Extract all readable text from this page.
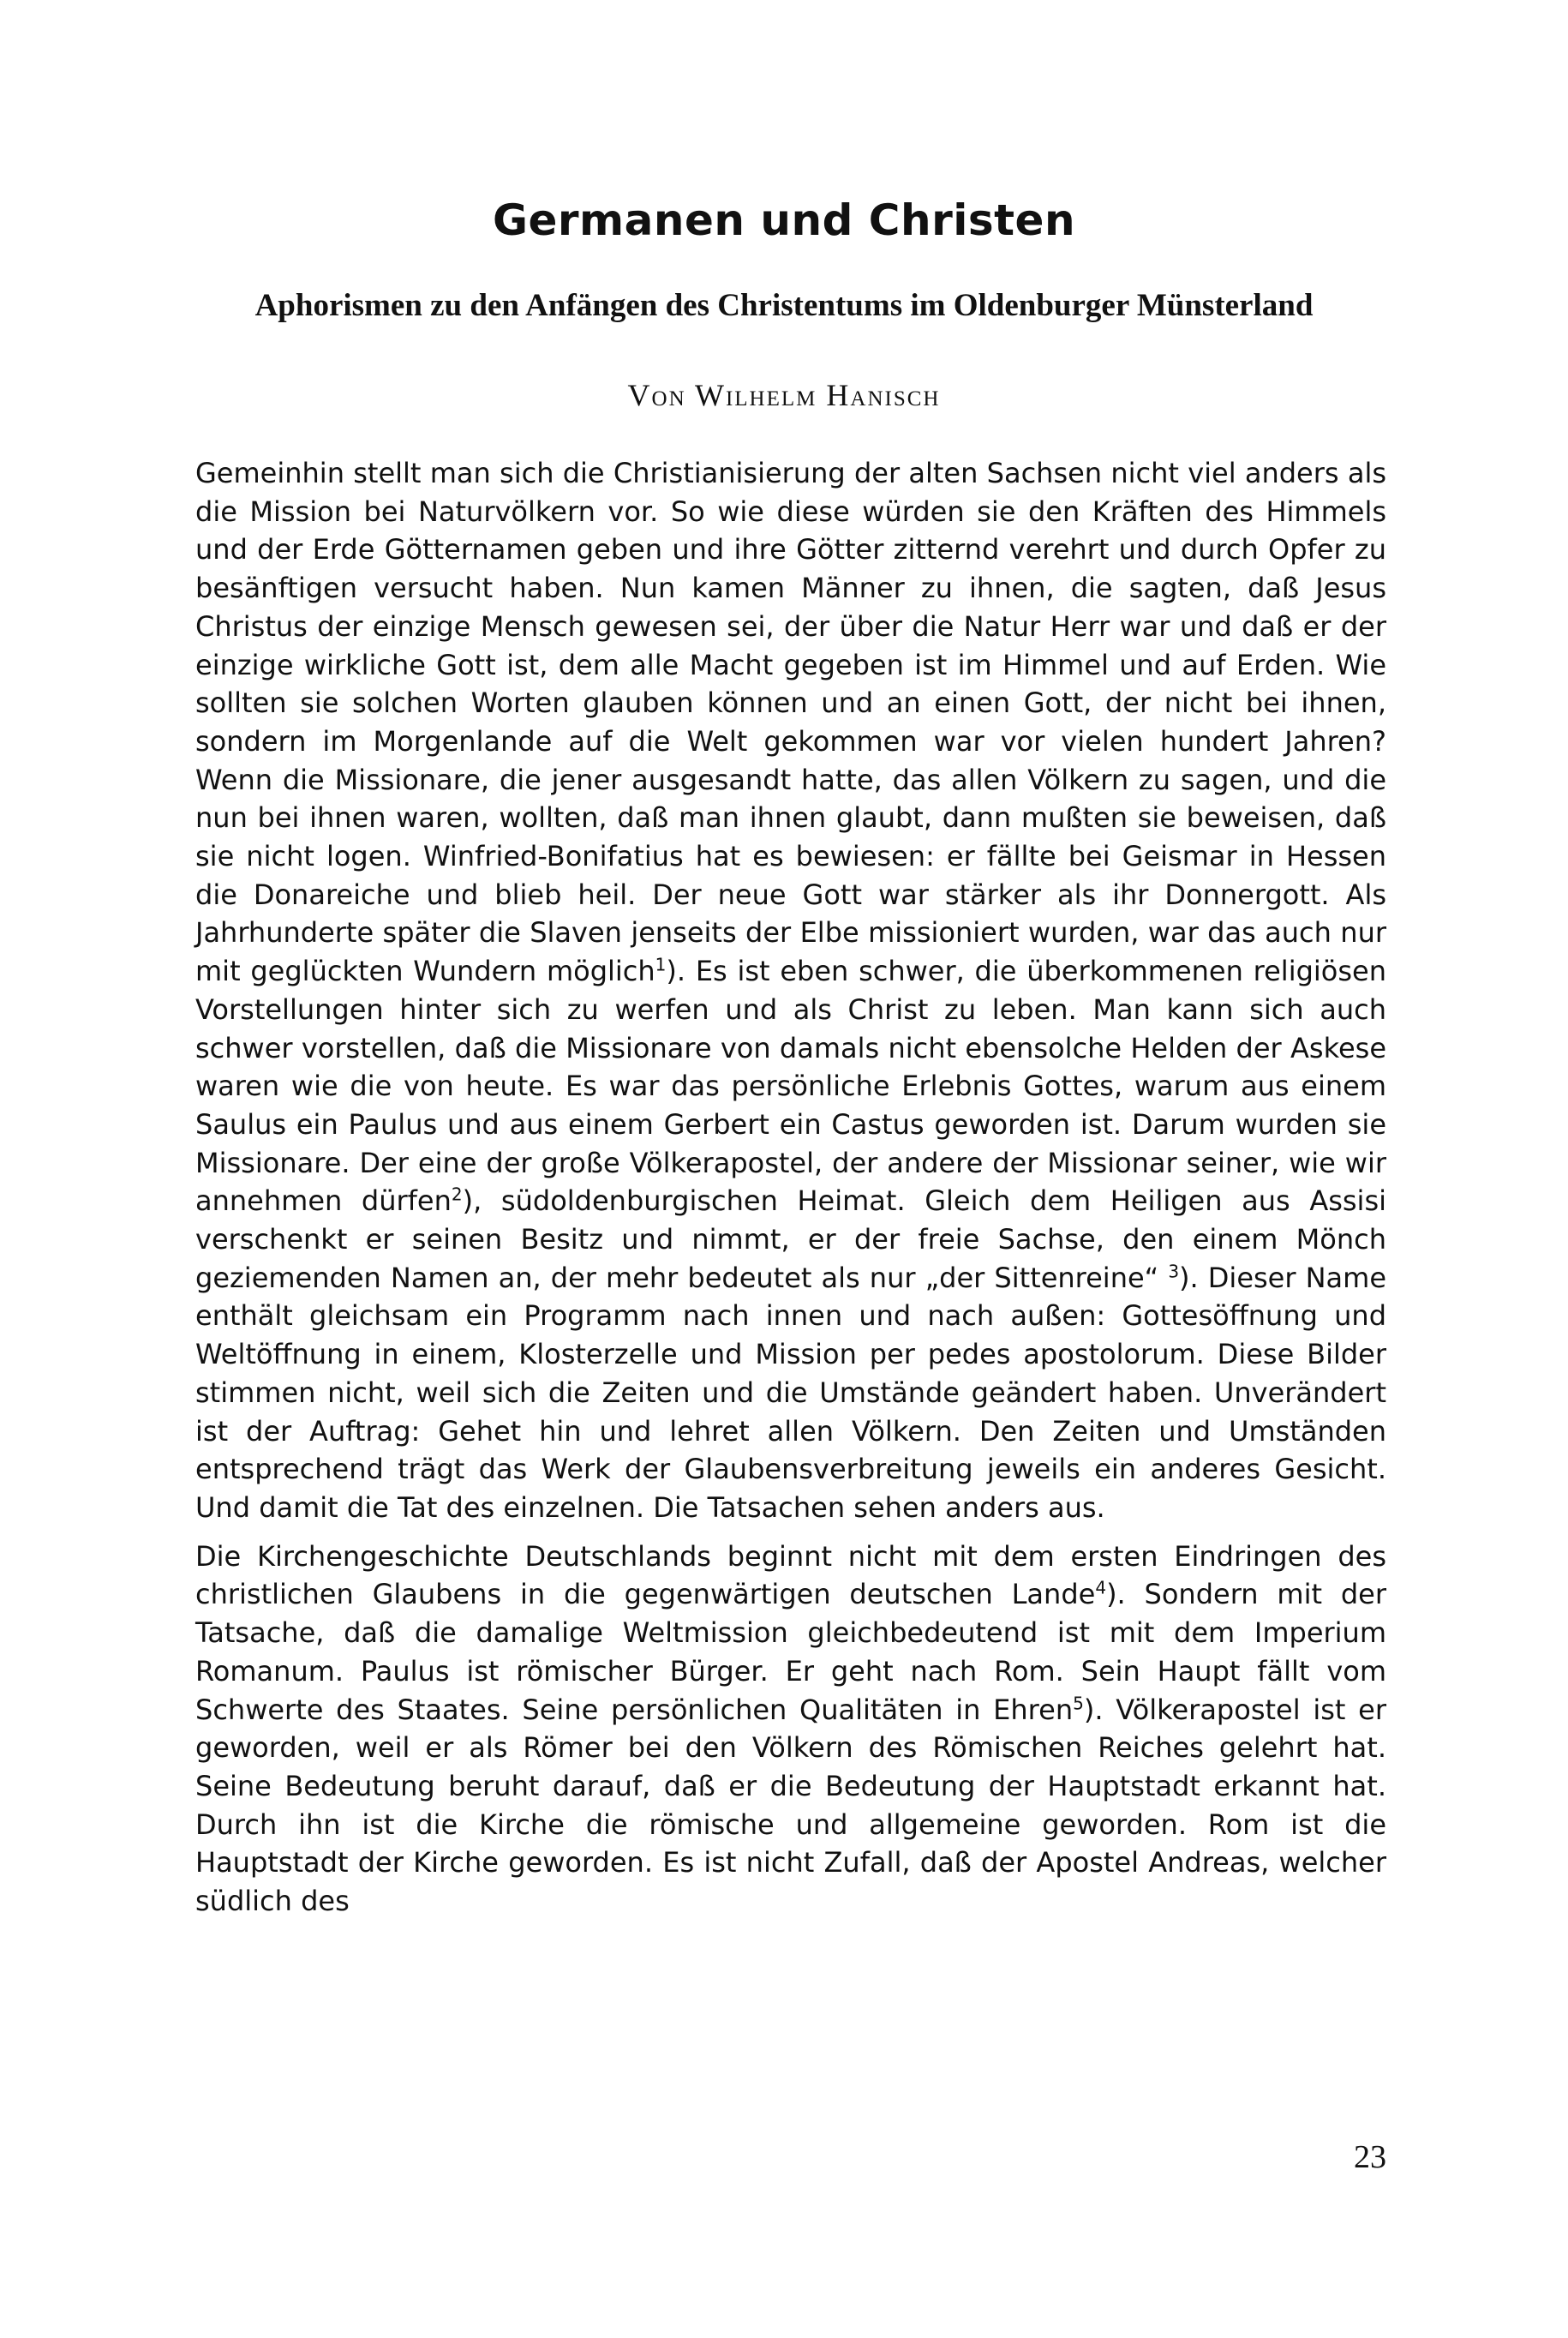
Germanen und Christen
Aphorismen zu den Anfängen des Christentums im Oldenburger Münsterland
Von Wilhelm Hanisch

Gemeinhin stellt man sich die Christianisierung der alten Sachsen nicht viel anders als die Mission bei Naturvölkern vor. So wie diese würden sie den Kräften des Himmels und der Erde Götternamen geben und ihre Götter zitternd verehrt und durch Opfer zu besänftigen versucht haben. Nun kamen Männer zu ihnen, die sagten, daß Jesus Christus der einzige Mensch gewesen sei, der über die Natur Herr war und daß er der einzige wirkliche Gott ist, dem alle Macht gegeben ist im Himmel und auf Erden. Wie sollten sie solchen Worten glauben können und an einen Gott, der nicht bei ihnen, sondern im Morgenlande auf die Welt gekommen war vor vielen hundert Jahren? Wenn die Missionare, die jener ausgesandt hatte, das allen Völkern zu sagen, und die nun bei ihnen waren, wollten, daß man ihnen glaubt, dann mußten sie beweisen, daß sie nicht logen. Winfried-Bonifatius hat es bewiesen: er fällte bei Geismar in Hessen die Donareiche und blieb heil. Der neue Gott war stärker als ihr Donnergott. Als Jahrhunderte später die Slaven jenseits der Elbe missioniert wurden, war das auch nur mit geglückten Wundern möglich$^1$). Es ist eben schwer, die überkommenen religiösen Vorstellungen hinter sich zu werfen und als Christ zu leben. Man kann sich auch schwer vorstellen, daß die Missionare von damals nicht ebensolche Helden der Askese waren wie die von heute. Es war das persönliche Erlebnis Gottes, warum aus einem Saulus ein Paulus und aus einem Gerbert ein Castus geworden ist. Darum wurden sie Missionare. Der eine der große Völkerapostel, der andere der Missionar seiner, wie wir annehmen dürfen$^2$), südoldenburgischen Heimat. Gleich dem Heiligen aus Assisi verschenkt er seinen Besitz und nimmt, er der freie Sachse, den einem Mönch geziemenden Namen an, der mehr bedeutet als nur „der Sittenreine“ $^3$). Dieser Name enthält gleichsam ein Programm nach innen und nach außen: Gottesöffnung und Weltöffnung in einem, Klosterzelle und Mission per pedes apostolorum. Diese Bilder stimmen nicht, weil sich die Zeiten und die Umstände geändert haben. Unverändert ist der Auftrag: Gehet hin und lehret allen Völkern. Den Zeiten und Umständen entsprechend trägt das Werk der Glaubensverbreitung jeweils ein anderes Gesicht. Und damit die Tat des einzelnen. Die Tatsachen sehen anders aus.

Die Kirchengeschichte Deutschlands beginnt nicht mit dem ersten Eindringen des christlichen Glaubens in die gegenwärtigen deutschen Lande$^4$). Sondern mit der Tatsache, daß die damalige Weltmission gleichbedeutend ist mit dem Imperium Romanum. Paulus ist römischer Bürger. Er geht nach Rom. Sein Haupt fällt vom Schwerte des Staates. Seine persönlichen Qualitäten in Ehren$^5$). Völkerapostel ist er geworden, weil er als Römer bei den Völkern des Römischen Reiches gelehrt hat. Seine Bedeutung beruht darauf, daß er die Bedeutung der Hauptstadt erkannt hat. Durch ihn ist die Kirche die römische und allgemeine geworden. Rom ist die Hauptstadt der Kirche geworden. Es ist nicht Zufall, daß der Apostel Andreas, welcher südlich des

23
